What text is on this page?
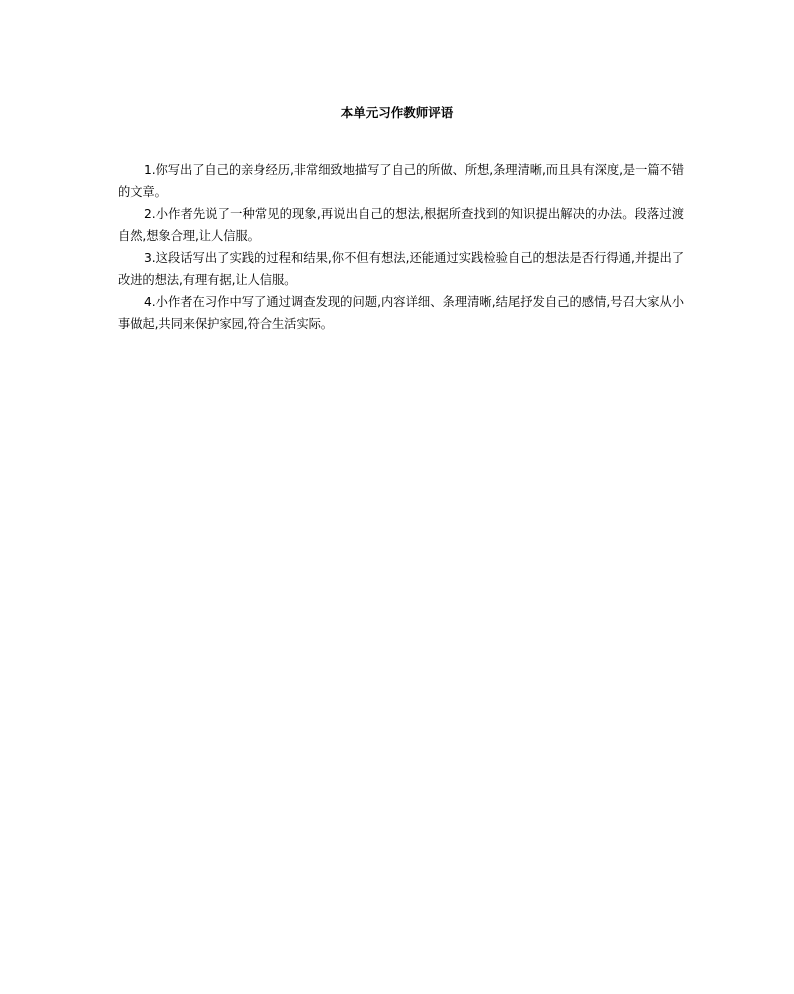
本单元习作教师评语

1.你写出了自己的亲身经历,非常细致地描写了自己的所做、所想,条理清晰,而且具有深度,是一篇不错的文章。

2.小作者先说了一种常见的现象,再说出自己的想法,根据所查找到的知识提出解决的办法。段落过渡自然,想象合理,让人信服。

3.这段话写出了实践的过程和结果,你不但有想法,还能通过实践检验自己的想法是否行得通,并提出了改进的想法,有理有据,让人信服。

4.小作者在习作中写了通过调查发现的问题,内容详细、条理清晰,结尾抒发自己的感情,号召大家从小事做起,共同来保护家园,符合生活实际。
